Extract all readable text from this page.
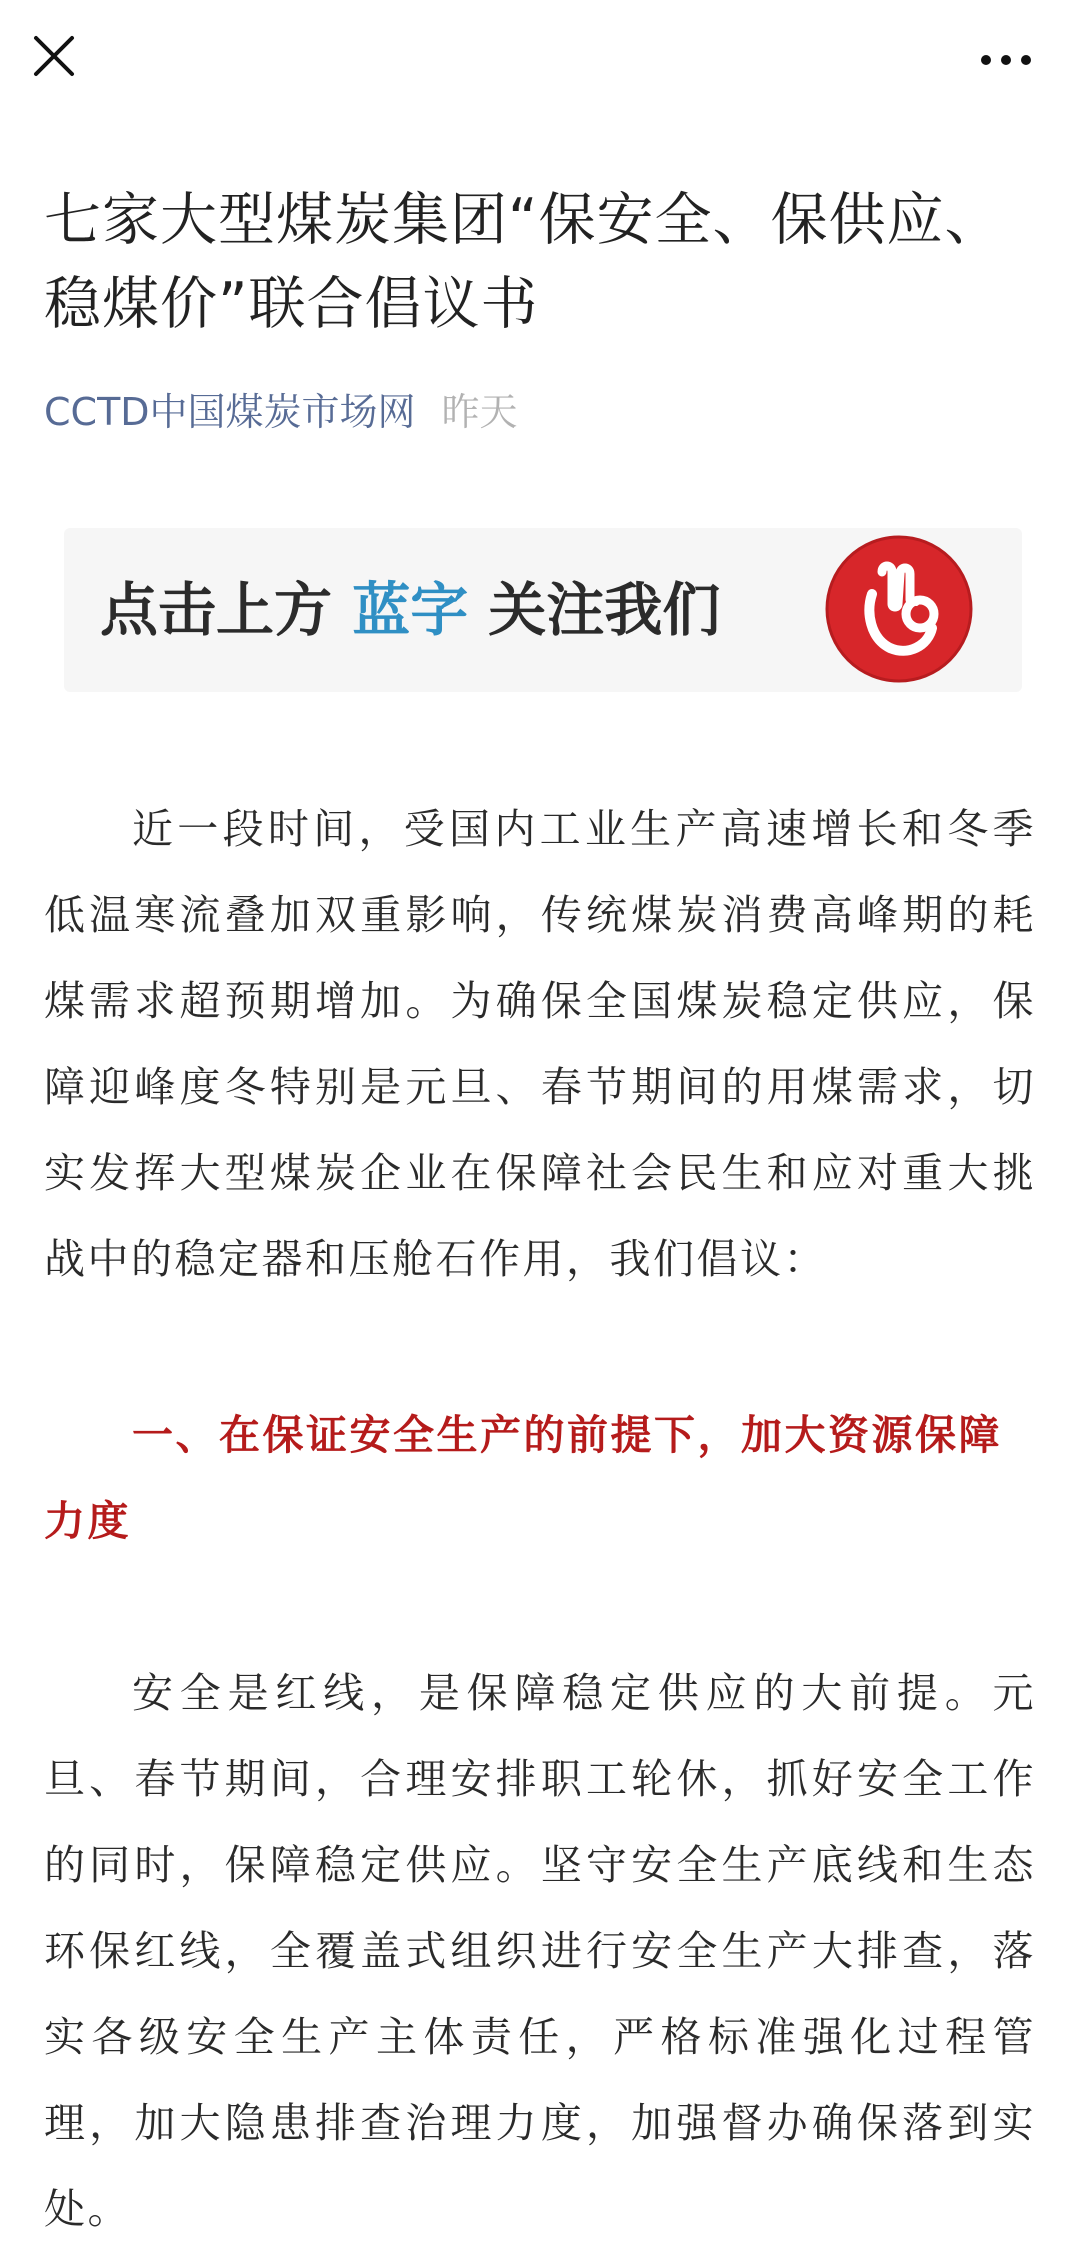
七家大型煤炭集团“保安全、保供应、稳煤价”联合倡议书
CCTD中国煤炭市场网 昨天
点击上方 蓝字 关注我们

近一段时间，受国内工业生产高速增长和冬季低温寒流叠加双重影响，传统煤炭消费高峰期的耗煤需求超预期增加。为确保全国煤炭稳定供应，保障迎峰度冬特别是元旦、春节期间的用煤需求，切实发挥大型煤炭企业在保障社会民生和应对重大挑战中的稳定器和压舱石作用，我们倡议：

一、在保证安全生产的前提下，加大资源保障力度

安全是红线，是保障稳定供应的大前提。元旦、春节期间，合理安排职工轮休，抓好安全工作的同时，保障稳定供应。坚守安全生产底线和生态环保红线，全覆盖式组织进行安全生产大排查，落实各级安全生产主体责任，严格标准强化过程管理，加大隐患排查治理力度，加强督办确保落到实处。
